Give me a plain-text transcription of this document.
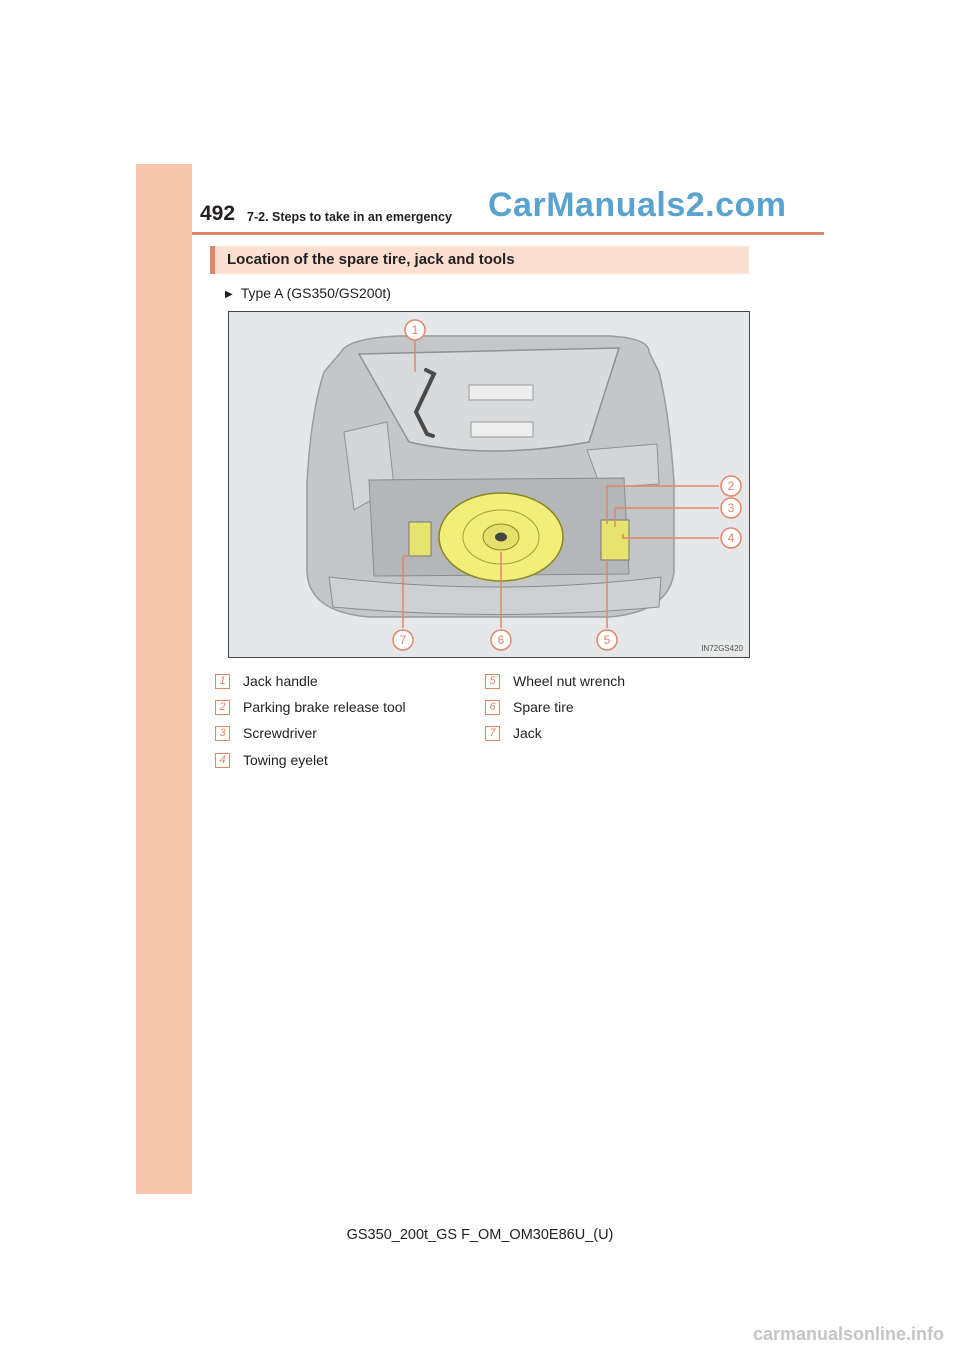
492 7-2. Steps to take in an emergency CarManuals2.com
Location of the spare tire, jack and tools
▶ Type A (GS350/GS200t)
1
2
3
4
5
6
7
IN72GS420
1	Jack handle
2	Parking brake release tool
3	Screwdriver
4	Towing eyelet
5	Wheel nut wrench
6	Spare tire
7	Jack
GS350_200t_GS F_OM_OM30E86U_(U)
carmanualsonline.info
